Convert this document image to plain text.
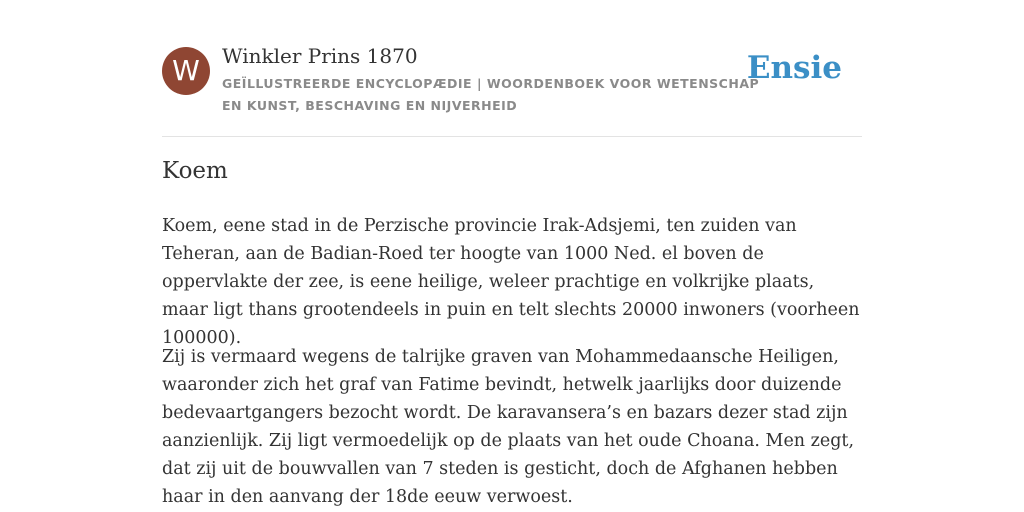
W	Winkler Prins 1870
GEÏLLUSTREERDE ENCYCLOPÆDIE | WOORDENBOEK VOOR WETENSCHAP EN KUNST, BESCHAVING EN NIJVERHEID
Ensie
Koem

Koem, eene stad in de Perzische provincie Irak-Adsjemi, ten zuiden van Teheran, aan de Badian-Roed ter hoogte van 1000 Ned. el boven de oppervlakte der zee, is eene heilige, weleer prachtige en volkrijke plaats, maar ligt thans grootendeels in puin en telt slechts 20000 inwoners (voorheen 100000).

Zij is vermaard wegens de talrijke graven van Mohammedaansche Heiligen, waaronder zich het graf van Fatime bevindt, hetwelk jaarlijks door duizende bedevaartgangers bezocht wordt. De karavansera’s en bazars dezer stad zijn aanzienlijk. Zij ligt vermoedelijk op de plaats van het oude Choana. Men zegt, dat zij uit de bouwvallen van 7 steden is gesticht, doch de Afghanen hebben haar in den aanvang der 18de eeuw verwoest.
